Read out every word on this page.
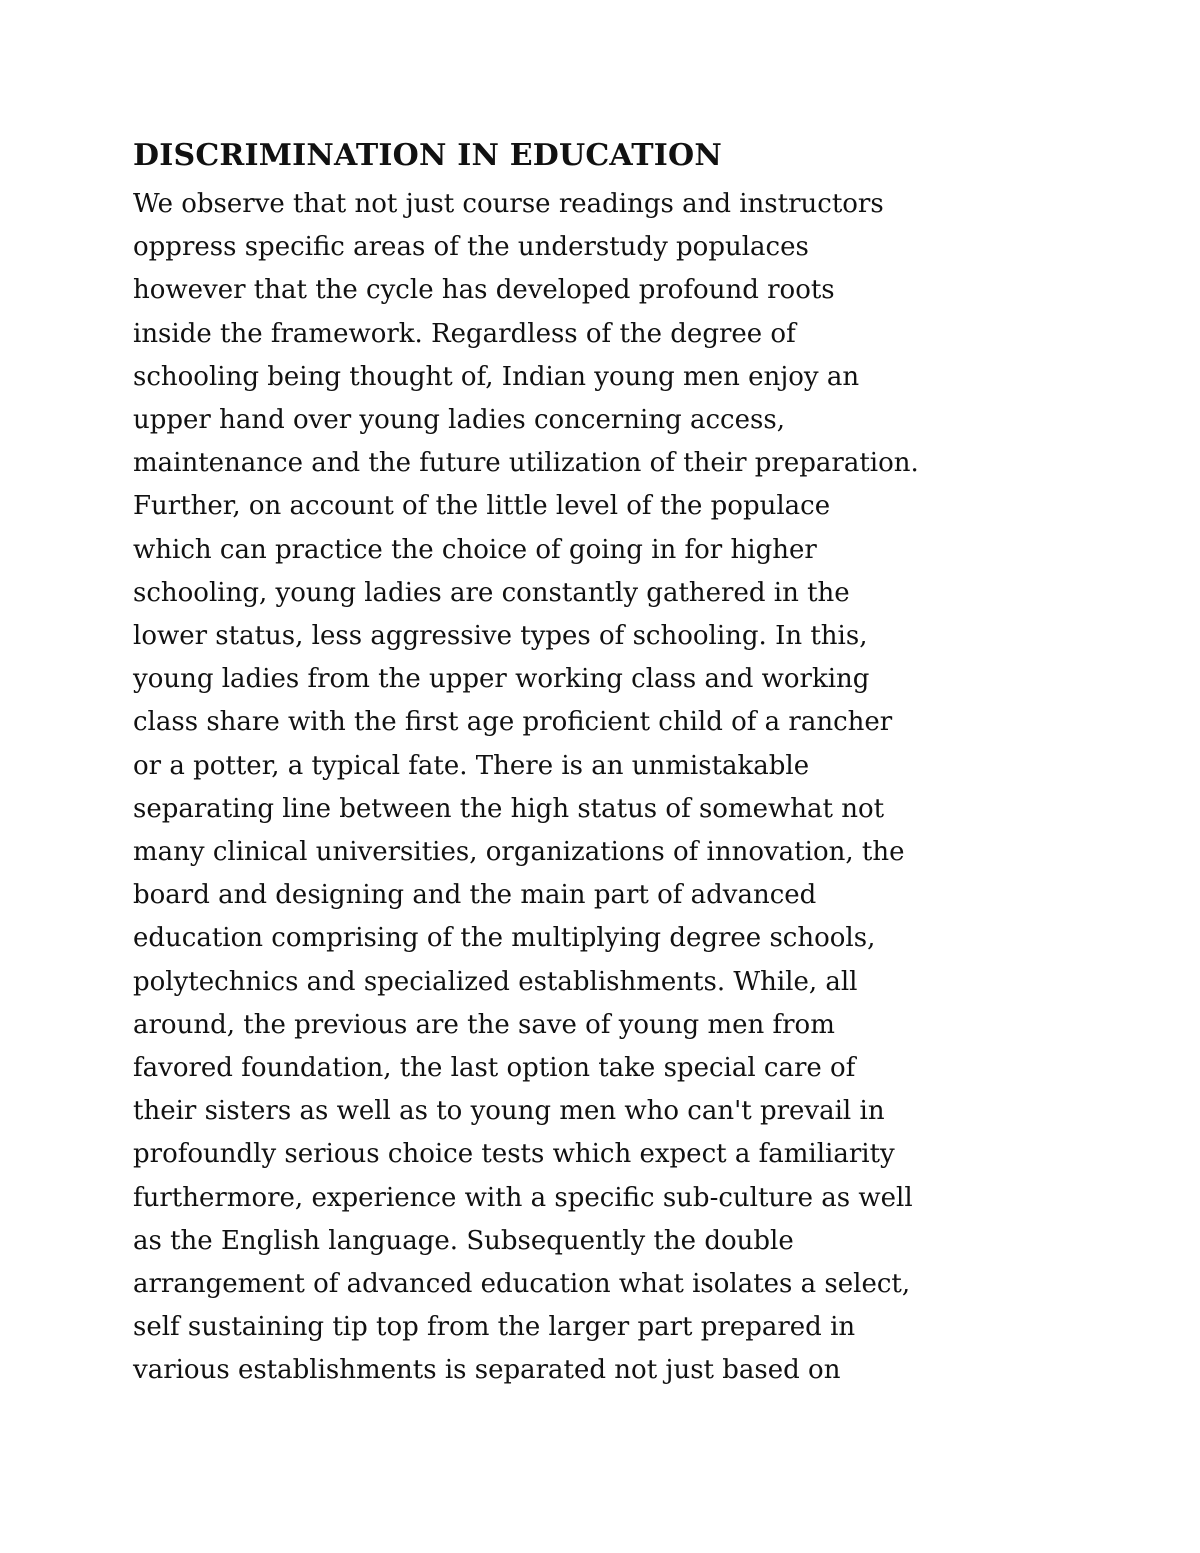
DISCRIMINATION IN EDUCATION

We observe that not just course readings and instructors
oppress specific areas of the understudy populaces
however that the cycle has developed profound roots
inside the framework. Regardless of the degree of
schooling being thought of, Indian young men enjoy an
upper hand over young ladies concerning access,
maintenance and the future utilization of their preparation.
Further, on account of the little level of the populace
which can practice the choice of going in for higher
schooling, young ladies are constantly gathered in the
lower status, less aggressive types of schooling. In this,
young ladies from the upper working class and working
class share with the first age proficient child of a rancher
or a potter, a typical fate. There is an unmistakable
separating line between the high status of somewhat not
many clinical universities, organizations of innovation, the
board and designing and the main part of advanced
education comprising of the multiplying degree schools,
polytechnics and specialized establishments. While, all
around, the previous are the save of young men from
favored foundation, the last option take special care of
their sisters as well as to young men who can't prevail in
profoundly serious choice tests which expect a familiarity
furthermore, experience with a specific sub-culture as well
as the English language. Subsequently the double
arrangement of advanced education what isolates a select,
self sustaining tip top from the larger part prepared in
various establishments is separated not just based on
